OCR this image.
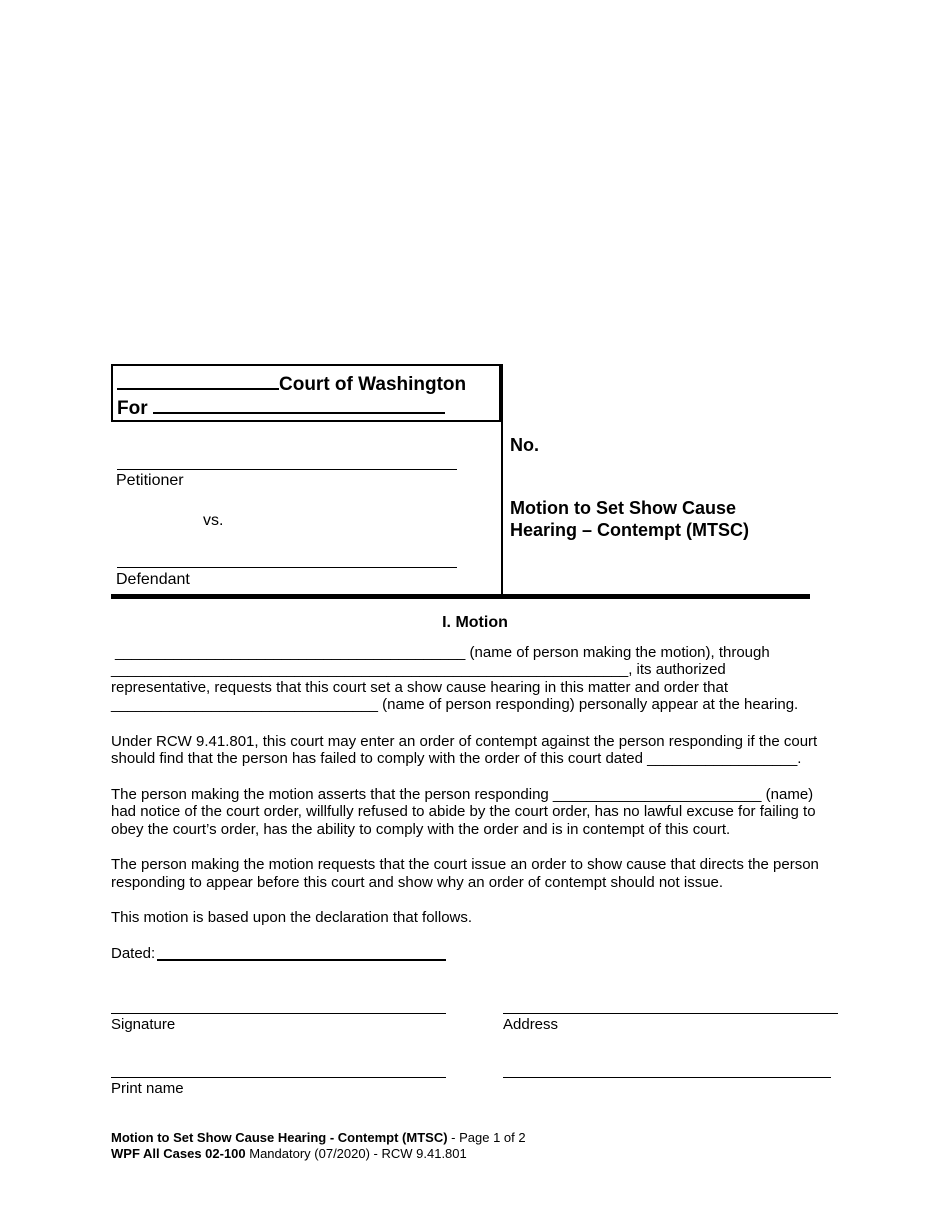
Court of Washington
For
Petitioner
vs.
Defendant
No.
Motion to Set Show Cause
Hearing – Contempt (MTSC)
I. Motion
__________________________________________ (name of person making the motion), through
______________________________________________________________, its authorized
representative, requests that this court set a show cause hearing in this matter and order that
________________________________ (name of person responding) personally appear at the hearing.
Under RCW 9.41.801, this court may enter an order of contempt against the person responding if the court
should find that the person has failed to comply with the order of this court dated __________________.
The person making the motion asserts that the person responding _________________________ (name)
had notice of the court order, willfully refused to abide by the court order, has no lawful excuse for failing to
obey the court’s order, has the ability to comply with the order and is in contempt of this court.
The person making the motion requests that the court issue an order to show cause that directs the person
responding to appear before this court and show why an order of contempt should not issue.
This motion is based upon the declaration that follows.
Dated:
Signature	Address
Print name
Motion to Set Show Cause Hearing - Contempt (MTSC) - Page 1 of 2
WPF All Cases 02-100 Mandatory (07/2020) - RCW 9.41.801
